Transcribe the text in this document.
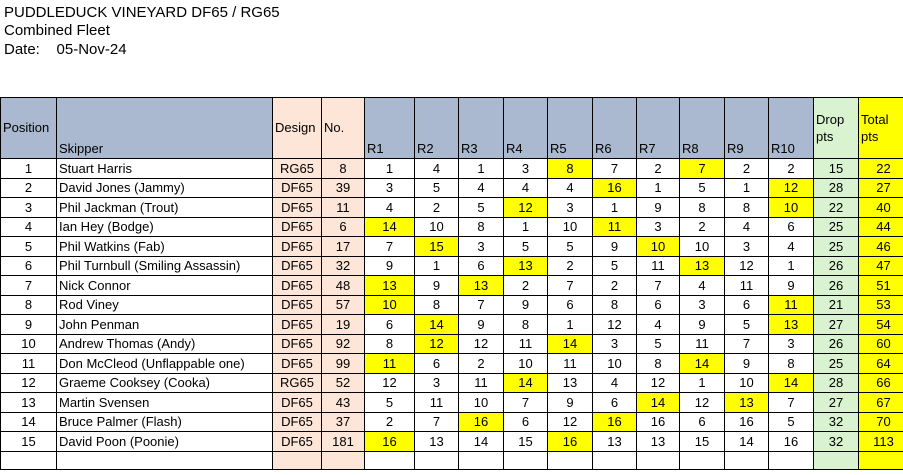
PUDDLEDUCK VINEYARD DF65 / RG65
Combined Fleet
Date: 05-Nov-24
Position	Skipper	Design	No.	R1	R2	R3	R4	R5	R6	R7	R8	R9	R10	Drop pts	Total pts
1	Stuart Harris	RG65	8	1	4	1	3	8	7	2	7	2	2	15	22
2	David Jones (Jammy)	DF65	39	3	5	4	4	4	16	1	5	1	12	28	27
3	Phil Jackman (Trout)	DF65	11	4	2	5	12	3	1	9	8	8	10	22	40
4	Ian Hey (Bodge)	DF65	6	14	10	8	1	10	11	3	2	4	6	25	44
5	Phil Watkins (Fab)	DF65	17	7	15	3	5	5	9	10	10	3	4	25	46
6	Phil Turnbull (Smiling Assassin)	DF65	32	9	1	6	13	2	5	11	13	12	1	26	47
7	Nick Connor	DF65	48	13	9	13	2	7	2	7	4	11	9	26	51
8	Rod Viney	DF65	57	10	8	7	9	6	8	6	3	6	11	21	53
9	John Penman	DF65	19	6	14	9	8	1	12	4	9	5	13	27	54
10	Andrew Thomas (Andy)	DF65	92	8	12	12	11	14	3	5	11	7	3	26	60
11	Don McCleod (Unflappable one)	DF65	99	11	6	2	10	11	10	8	14	9	8	25	64
12	Graeme Cooksey (Cooka)	RG65	52	12	3	11	14	13	4	12	1	10	14	28	66
13	Martin Svensen	DF65	43	5	11	10	7	9	6	14	12	13	7	27	67
14	Bruce Palmer (Flash)	DF65	37	2	7	16	6	12	16	16	6	16	5	32	70
15	David Poon (Poonie)	DF65	181	16	13	14	15	16	13	13	15	14	16	32	113
